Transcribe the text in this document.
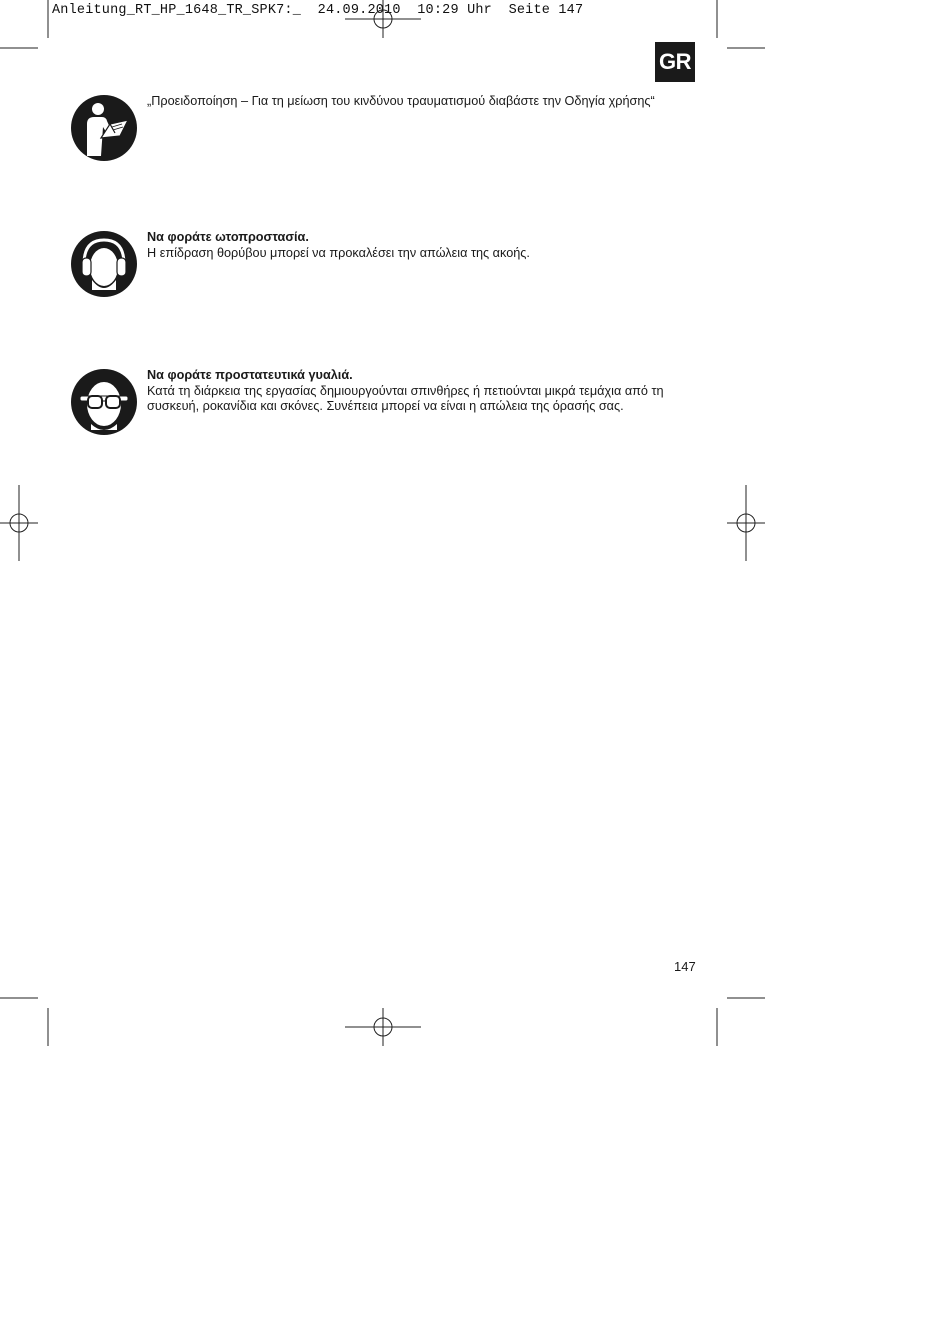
Anleitung_RT_HP_1648_TR_SPK7:_  24.09.2010  10:29 Uhr  Seite 147
GR
„Προειδοποίηση – Για τη μείωση του κινδύνου τραυματισμού διαβάστε την Οδηγία χρήσης“
Να φοράτε ωτοπροστασία.
Η επίδραση θορύβου μπορεί να προκαλέσει την απώλεια της ακοής.
Να φοράτε προστατευτικά γυαλιά.
Κατά τη διάρκεια της εργασίας δημιουργούνται σπινθήρες ή πετιούνται μικρά τεμάχια από τη συσκευή, ροκανίδια και σκόνες. Συνέπεια μπορεί να είναι η απώλεια της όρασής σας.
147
